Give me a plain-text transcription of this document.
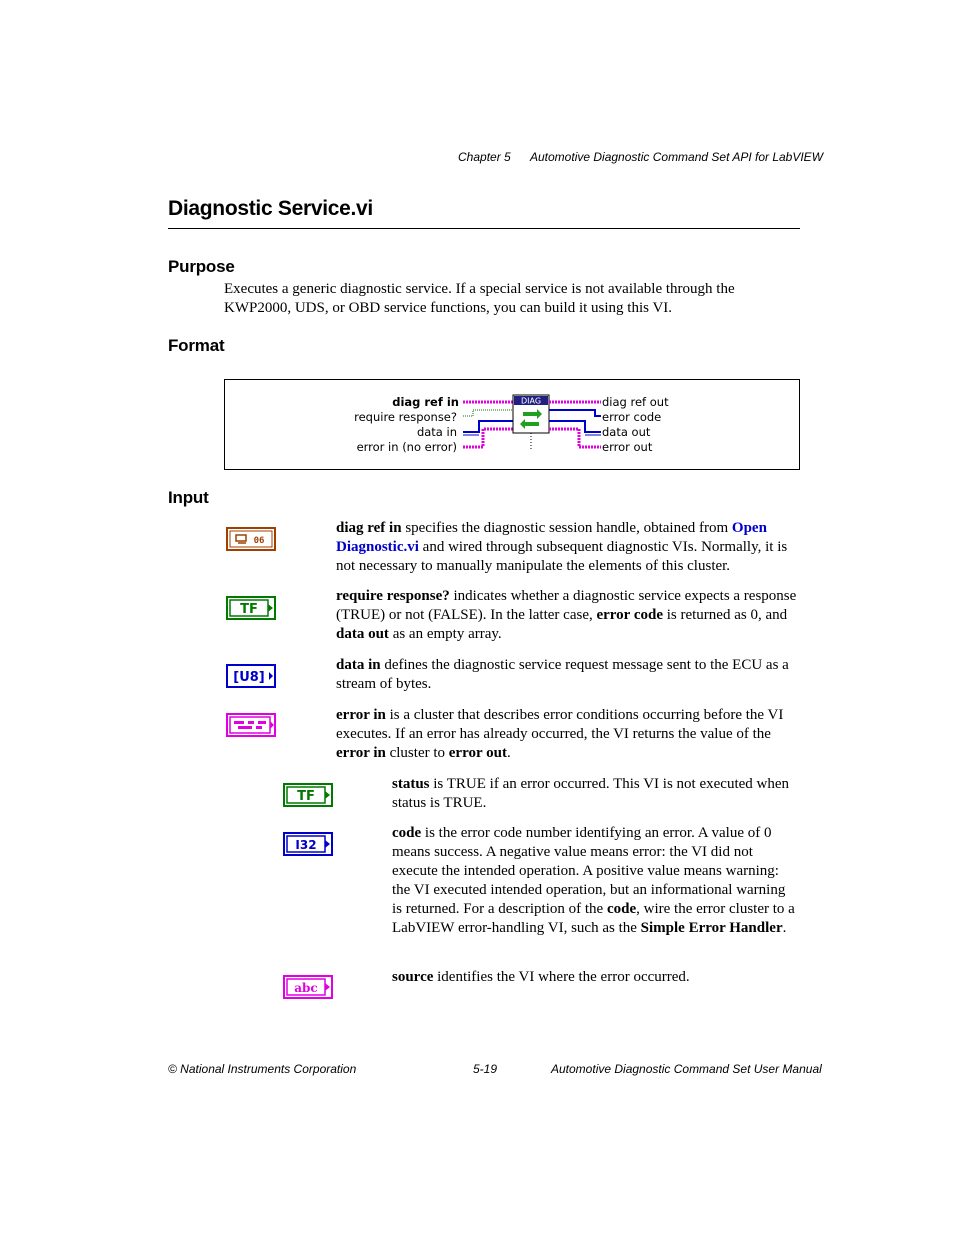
Chapter 5 Automotive Diagnostic Command Set API for LabVIEW
Diagnostic Service.vi
Purpose
Executes a generic diagnostic service. If a special service is not available through the
KWP2000, UDS, or OBD service functions, you can build it using this VI.
Format
diag ref in
require response?
data in
error in (no error)
DIAG	diag ref out
error code
data out
error out
Input
06
diag ref in specifies the diagnostic session handle, obtained from Open Diagnostic.vi and wired through subsequent diagnostic VIs. Normally, it is not necessary to manually manipulate the elements of this cluster.
TF
require response? indicates whether a diagnostic service expects a response (TRUE) or not (FALSE). In the latter case, error code is returned as 0, and data out as an empty array.
[U8]
data in defines the diagnostic service request message sent to the ECU as a stream of bytes.
error in is a cluster that describes error conditions occurring before the VI executes. If an error has already occurred, the VI returns the value of the error in cluster to error out.
TF
status is TRUE if an error occurred. This VI is not executed when status is TRUE.
I32
code is the error code number identifying an error. A value of 0 means success. A negative value means error: the VI did not execute the intended operation. A positive value means warning: the VI executed intended operation, but an informational warning is returned. For a description of the code, wire the error cluster to a LabVIEW error-handling VI, such as the Simple Error Handler.
abc
source identifies the VI where the error occurred.
© National Instruments Corporation	5-19	Automotive Diagnostic Command Set User Manual
